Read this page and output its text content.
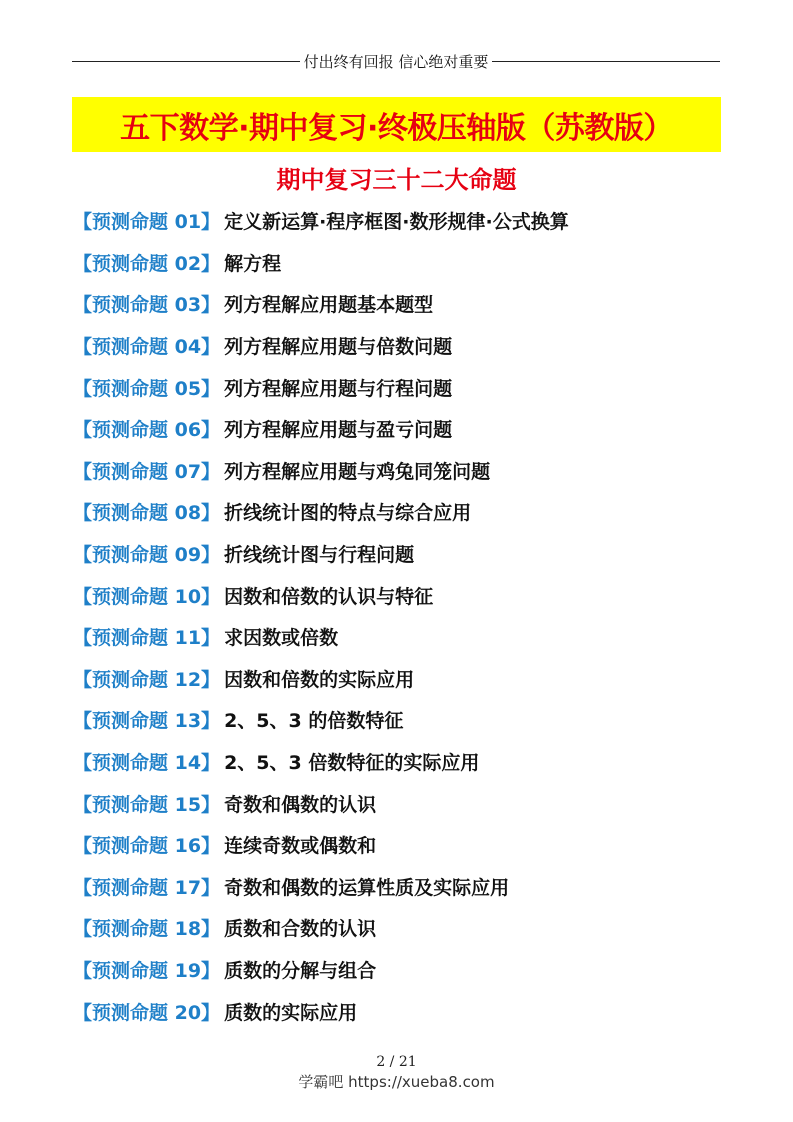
付出终有回报 信心绝对重要
五下数学·期中复习·终极压轴版（苏教版）
期中复习三十二大命题
【预测命题 01】 定义新运算·程序框图·数形规律·公式换算
【预测命题 02】 解方程
【预测命题 03】 列方程解应用题基本题型
【预测命题 04】 列方程解应用题与倍数问题
【预测命题 05】 列方程解应用题与行程问题
【预测命题 06】 列方程解应用题与盈亏问题
【预测命题 07】 列方程解应用题与鸡兔同笼问题
【预测命题 08】 折线统计图的特点与综合应用
【预测命题 09】 折线统计图与行程问题
【预测命题 10】 因数和倍数的认识与特征
【预测命题 11】 求因数或倍数
【预测命题 12】 因数和倍数的实际应用
【预测命题 13】 2、5、3 的倍数特征
【预测命题 14】 2、5、3 倍数特征的实际应用
【预测命题 15】 奇数和偶数的认识
【预测命题 16】 连续奇数或偶数和
【预测命题 17】 奇数和偶数的运算性质及实际应用
【预测命题 18】 质数和合数的认识
【预测命题 19】 质数的分解与组合
【预测命题 20】 质数的实际应用
2 / 21
学霸吧 https://xueba8.com
